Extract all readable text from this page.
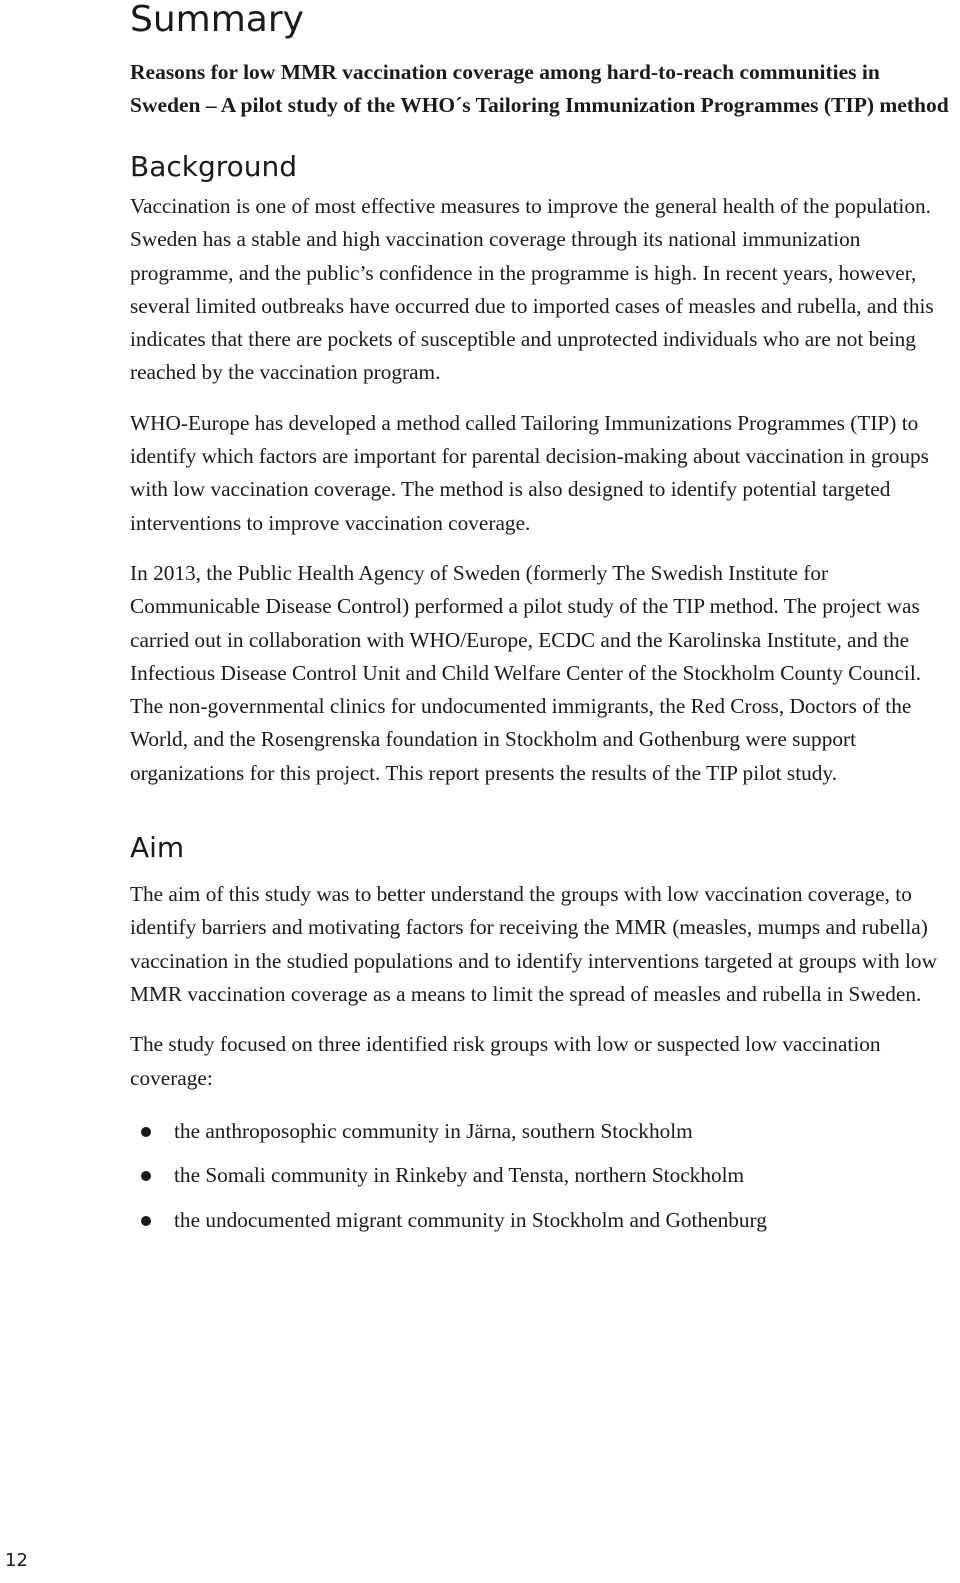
Summary

Reasons for low MMR vaccination coverage among hard-to-reach communities in Sweden – A pilot study of the WHO´s Tailoring Immunization Programmes (TIP) method

Background

Vaccination is one of most effective measures to improve the general health of the population. Sweden has a stable and high vaccination coverage through its national immunization programme, and the public’s confidence in the programme is high. In recent years, however, several limited outbreaks have occurred due to imported cases of measles and rubella, and this indicates that there are pockets of susceptible and unprotected individuals who are not being reached by the vaccination program.

WHO-Europe has developed a method called Tailoring Immunizations Programmes (TIP) to identify which factors are important for parental decision-making about vaccination in groups with low vaccination coverage. The method is also designed to identify potential targeted interventions to improve vaccination coverage.

In 2013, the Public Health Agency of Sweden (formerly The Swedish Institute for Communicable Disease Control) performed a pilot study of the TIP method. The project was carried out in collaboration with WHO/Europe, ECDC and the Karolinska Institute, and the Infectious Disease Control Unit and Child Welfare Center of the Stockholm County Council. The non-governmental clinics for undocumented immigrants, the Red Cross, Doctors of the World, and the Rosengrenska foundation in Stockholm and Gothenburg were support organizations for this project. This report presents the results of the TIP pilot study.

Aim

The aim of this study was to better understand the groups with low vaccination coverage, to identify barriers and motivating factors for receiving the MMR (measles, mumps and rubella) vaccination in the studied populations and to identify interventions targeted at groups with low MMR vaccination coverage as a means to limit the spread of measles and rubella in Sweden.

The study focused on three identified risk groups with low or suspected low vaccination coverage:

the anthroposophic community in Järna, southern Stockholm
the Somali community in Rinkeby and Tensta, northern Stockholm
the undocumented migrant community in Stockholm and Gothenburg
12
